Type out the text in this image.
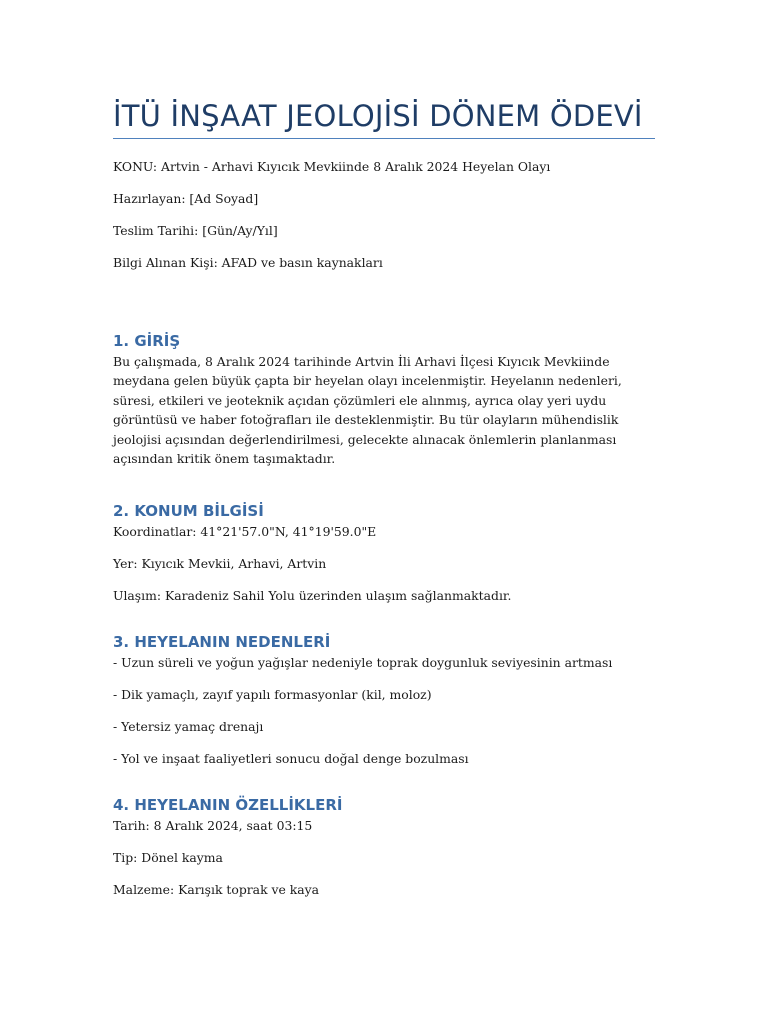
İTÜ İNŞAAT JEOLOJİSİ DÖNEM ÖDEVİ

KONU: Artvin - Arhavi Kıyıcık Mevkiinde 8 Aralık 2024 Heyelan Olayı

Hazırlayan: [Ad Soyad]

Teslim Tarihi: [Gün/Ay/Yıl]

Bilgi Alınan Kişi: AFAD ve basın kaynakları

1. GİRİŞ

Bu çalışmada, 8 Aralık 2024 tarihinde Artvin İli Arhavi İlçesi Kıyıcık Mevkiinde meydana gelen büyük çapta bir heyelan olayı incelenmiştir. Heyelanın nedenleri, süresi, etkileri ve jeoteknik açıdan çözümleri ele alınmış, ayrıca olay yeri uydu görüntüsü ve haber fotoğrafları ile desteklenmiştir. Bu tür olayların mühendislik jeolojisi açısından değerlendirilmesi, gelecekte alınacak önlemlerin planlanması açısından kritik önem taşımaktadır.

2. KONUM BİLGİSİ

Koordinatlar: 41°21'57.0"N, 41°19'59.0"E

Yer: Kıyıcık Mevkii, Arhavi, Artvin

Ulaşım: Karadeniz Sahil Yolu üzerinden ulaşım sağlanmaktadır.

3. HEYELANIN NEDENLERİ

- Uzun süreli ve yoğun yağışlar nedeniyle toprak doygunluk seviyesinin artması

- Dik yamaçlı, zayıf yapılı formasyonlar (kil, moloz)

- Yetersiz yamaç drenajı

- Yol ve inşaat faaliyetleri sonucu doğal denge bozulması

4. HEYELANIN ÖZELLİKLERİ

Tarih: 8 Aralık 2024, saat 03:15

Tip: Dönel kayma

Malzeme: Karışık toprak ve kaya
